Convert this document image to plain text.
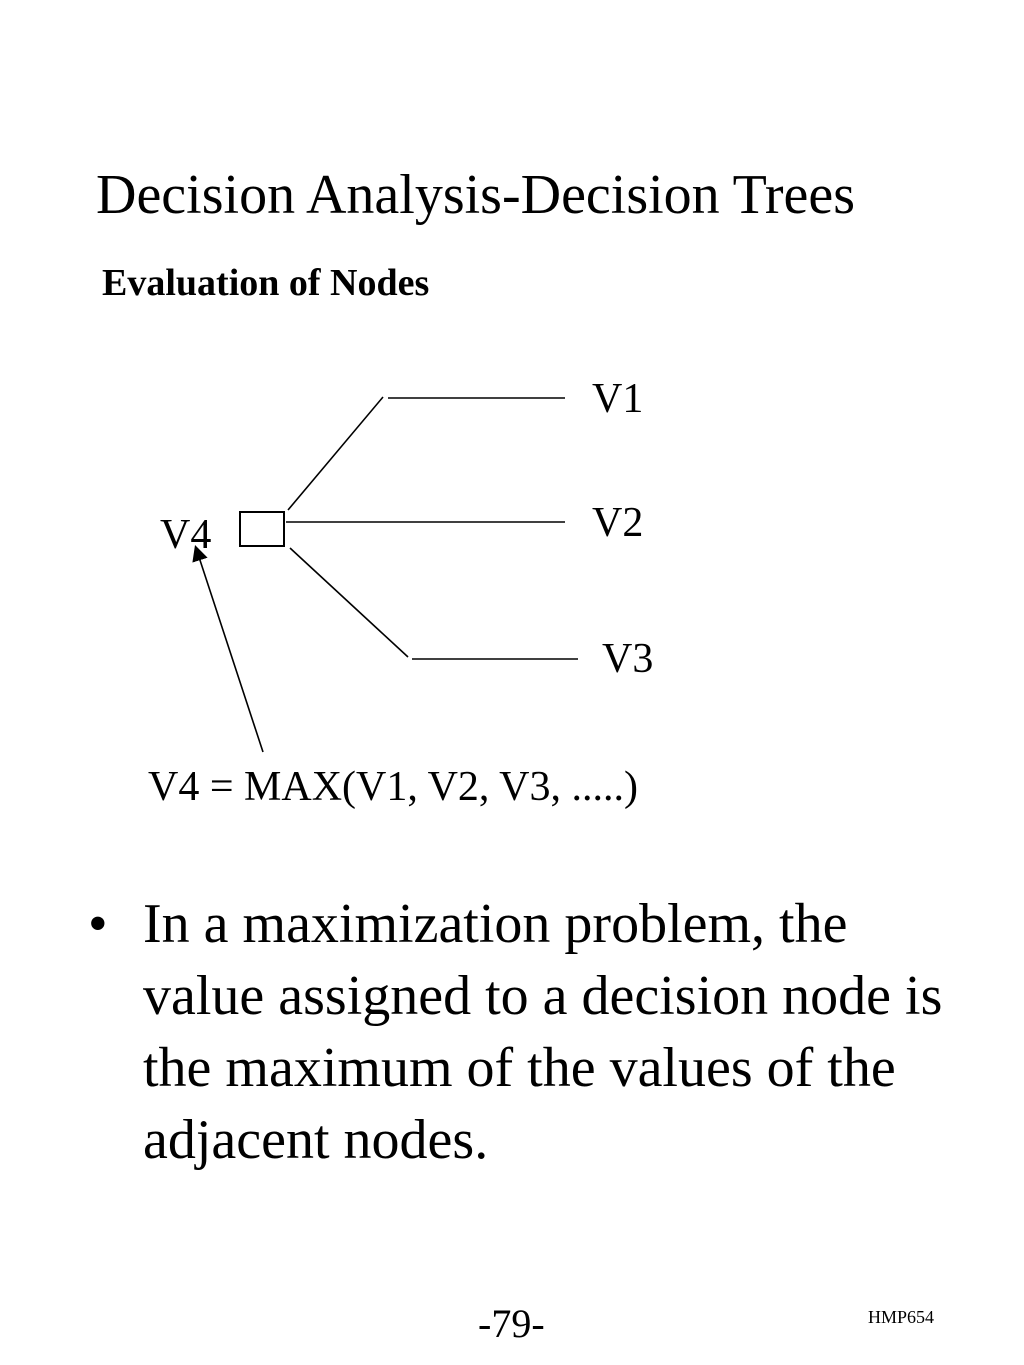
Decision Analysis-Decision Trees
Evaluation of Nodes
V4
V1
V2
V3
V4 = MAX(V1, V2, V3, .....)
• In a maximization problem, the value assigned to a decision node is the maximum of the values of the adjacent nodes.
-79-	HMP654
